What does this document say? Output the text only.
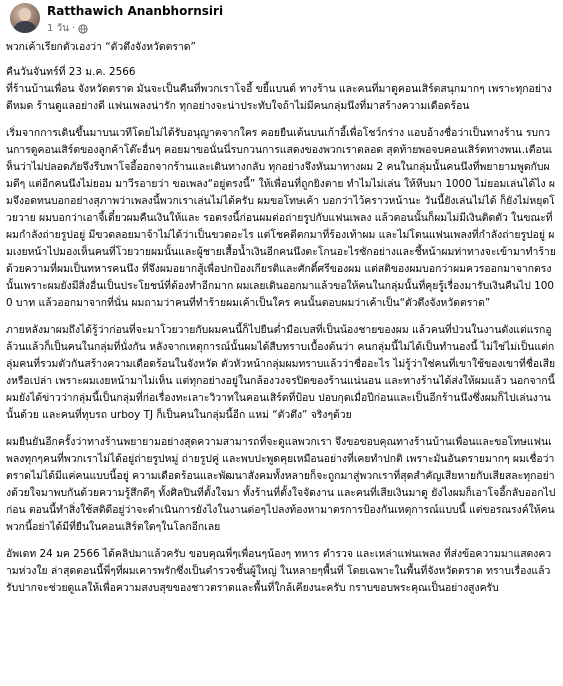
Ratthawich Ananbhornsiri
1 วัน ·
พวกเค้าเรียกตัวเองว่า “ตัวตึงจังหวัดตราด”
คืนวันจันทร์ที่ 23 ม.ค. 2566
ที่ร้านบ้านเพื่อน จังหวัดตราด มันจะเป็นคืนที่พวกเราโจอี้ ขยี้แบนด์ ทางร้าน และคนที่มาดูคอนเสิร์ตสนุกมากๆ เพราะทุกอย่างดีหมด ร้านดูแลอย่างดี แฟนเพลงน่ารัก ทุกอย่างจะน่าประทับใจถ้าไม่มีคนกลุ่มนึงที่มาสร้างความเดือดร้อน
เริ่มจากการเดินขึ้นมาบนเวทีโดยไม่ได้รับอนุญาตจากใคร คอยยืนเต้นบนเก้าอี้เพื่อโชว์กร่าง แอบอ้างชื่อว่าเป็นทางร้าน รบกวนการดูคอนเสิร์ตของลูกค้าโต๊ะอื่นๆ คอยมาขอนั่นนี่รบกวนการแสดงของพวกเราตลอด สุดท้ายพอจบคอนเสิร์ตทางพนเ.เตือนเห็นว่าไม่ปลอดภัยจึงรีบพาโจอี้ออกจากร้านและเดินทางกลับ ทุกอย่างจึงหันมาทางผม 2 คนในกลุ่มนั้นคนนึงที่พยายามพูดกับผมดีๆ แต่อีกคนนึงไม่ยอม มาวีรอายว่า ขอเพลง“อยู่ตรงนี้” ให้เพื่อนที่ถูกยิงตาย ทำไมไม่เล่น ให้หีบมา 1000 ไม่ยอมเล่นได้ไง ผมจึงอดทนบอกอย่างสุภาพว่าเพลงนี้พวกเราเล่นไม่ได้ครับ ผมขอโทษเค้า บอกว่าไว้คราวหน้านะ วันนี้ยังเล่นไม่ได้ ก็ยังไม่หยุดโวยวาย ผมบอกว่าเอาจี้เดี๋ยวผมคืนเงินให้และ รอตรงนี้ก่อนผมต่อถ่ายรูปกับแฟนเพลง แล้วตอนนั้นก็ผมไม่มีเงินติดตัว ในขณะที่ผมกำลังถ่ายรูปอยู่ มีขวดลอยมาจ้าไม่ได้ว่าเป็นขวดอะไร แต่โชคดีตกมาที่ร้องเท้าผม และไม่โดนแฟนเพลงที่กำลังถ่ายรูปอยู่ ผมเงยหน้าไปมองเห็นคนที่โวยวายผมนั้นและผู้ชายเสื้อน้ำเงินอีกคนนึงตะโกนอะไรซักอย่างและชี้หน้าผมท่าทางจะเข้ามาทำร้าย ด้วยความที่ผมเป็นทหารคนนึง ที่จึงผมอยากสู้เพื่อปกป้องเกียรติและศักดิ์ศรีของผม แต่สติของผมบอกว่าผมควรออกมาจากตรงนั้นเพราะผมยังมีสิ่งอื่นเป็นประโยชน์ที่ต้องทำอีกมาก ผมเลยเดินออกมาแล้วขอให้คนในกลุ่มนั้นที่คุยรู้เรื่องมารับเงินคืนไป 1000 บาท แล้วออกมาจากที่นั่น ผมถามว่าคนที่ทำร้ายผมเค้าเป็นใคร คนนั้นตอบผมว่าเค้าเป็น“ตัวตึงจังหวัดตราด”
ภายหลังมาผมถึงได้รู้ว่าก่อนที่จะมาโวยวายกับผมคนนี้ก็ไปยืนต่ำมือเบสที่เป็นน้องชายของผม แล้วคนที่ป่วนในงานดังแต่แรกอูล้วนแล้วก็เป็นคนในกลุ่มที่นั่งกัน หลังจากเหตุการณ์นั้นผมได้สืบทราบเบื้องต้นว่า คนกลุ่มนี้ไม่ได้เป็นทำนองนี้ ไม่ใช่ไม่เป็นแต่กลุ่มคนที่รวมตัวกันสร้างความเดือดร้อนในจังหวัด ตัวหัวหน้ากลุ่มผมทราบแล้วว่าชื่ออะไร ไม่รู้ว่าใช่คนที่เขาใช้ของเขาที่ชื่อเสียงหรือเปล่า เพราะผมเงยหน้ามาไม่เห็น แต่ทุกอย่างอยู่ในกล้องวงจรปิดของร้านแน่นอน และทางร้านได้ส่งให้ผมแล้ว นอกจากนี้ผมยังได้ข่าวว่ากลุ่มนี้เป็นกลุ่มที่ก่อเรื่องทะเลาะวิวาทในคอนเสิร์ตที่ป้อบ ปอบกุดเมื่อปีก่อนและเป็นอีกร้านนึงซึ่งผมก็ไปเล่นงานนั้นด้วย และคนที่ทุบรถ urboy TJ ก็เป็นคนในกลุ่มนี้อีก แหม่ “ตัวตึง” จริงๆด้วย
ผมยืนยันอีกครั้งว่าทางร้านพยายามอย่างสุดความสามารถที่จะดูแลพวกเรา จึงขอขอบคุณทางร้านบ้านเพื่อนและขอโทษแฟนเพลงทุกๆคนที่พวกเราไม่ได้อยู่ถ่ายรูปหมู่ ถ่ายรูปคู่ และพบปะพูดคุยเหมือนอย่างที่เคยทำปกติ เพราะมันอันตรายมากๆ ผมเชื่อว่าตราดไม่ได้มีแค่คนแบบนี้อยู่ ความเดือดร้อนและพัฒนาสังคมทั้งหลายก็จะถูกมาสู่พวกเราที่สุดสำคัญเสียหายกับเสียสละทุกอย่างด้วยใจมาพบกันด้วยความรู้สึกดีๆ ทั้งศิลปินที่ตั้งใจมา ทั้งร้านที่ตั้งใจจัดงาน และคนที่เสียเงินมาดู ยังไงผมก็เอาโจอี้กลับออกไปก่อน ตอนนี้ทำสิ่งใช้สติดีอยู่ว่าจะดำเนินการยังไงในงานต่อๆไปลงท้องหามาตรการป้องกันเหตุการณ์แบบนี้ แต่ขอรณรงค์ให้คนพวกนี้อย่าได้มีที่ยืนในคอนเสิร์ตใดๆในโลกอีกเลย
อัพเดท 24 มค 2566 ได้คลิปมาแล้วครับ ขอบคุณพี่ๆเพื่อนๆน้องๆ ทหาร ตำรวจ และเหล่าแฟนเพลง ที่ส่งข้อความมาแสดงความห่วงใย ล่าสุดตอนนี้พี่ๆที่ผมเคารพรักซึ่งเป็นตำรวจชั้นผู้ใหญ่ ในหลายๆพื้นที่ โดยเฉพาะในพื้นที่จังหวัดตราด ทราบเรื่องแล้ว รับปากจะช่วยดูแลให้เพื่อความสงบสุขของชาวตราดและพื้นที่ใกล้เคียงนะครับ กราบขอบพระคุณเป็นอย่างสูงครับ
